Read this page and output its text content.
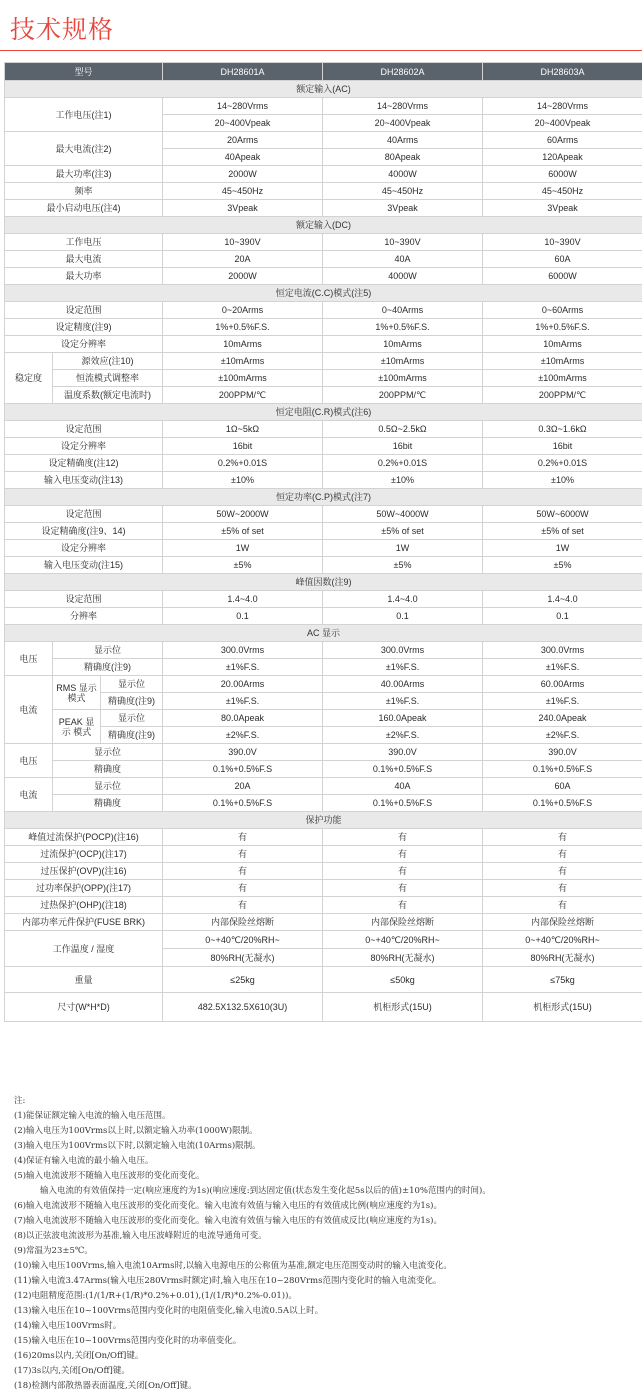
技术规格
型号			DH28601A	DH28602A	DH28603A
额定输入(AC)					
工作电压(注1)			14~280Vrms	14~280Vrms	14~280Vrms
			20~400Vpeak	20~400Vpeak	20~400Vpeak
最大电流(注2)			20Arms	40Arms	60Arms
			40Apeak	80Apeak	120Apeak
最大功率(注3)			2000W	4000W	6000W
频率			45~450Hz	45~450Hz	45~450Hz
最小启动电压(注4)			3Vpeak	3Vpeak	3Vpeak
额定输入(DC)					
工作电压			10~390V	10~390V	10~390V
最大电流			20A	40A	60A
最大功率			2000W	4000W	6000W
恒定电流(C.C)模式(注5)					
设定范围			0~20Arms	0~40Arms	0~60Arms
设定精度(注9)			1%+0.5%F.S.	1%+0.5%F.S.	1%+0.5%F.S.
设定分辨率			10mArms	10mArms	10mArms
稳定度	源效应(注10)		±10mArms	±10mArms	±10mArms
	恒流模式调整率		±100mArms	±100mArms	±100mArms
	温度系数(额定电流时)		200PPM/℃	200PPM/℃	200PPM/℃
恒定电阻(C.R)模式(注6)					
设定范围			1Ω~5kΩ	0.5Ω~2.5kΩ	0.3Ω~1.6kΩ
设定分辨率			16bit	16bit	16bit
设定精确度(注12)			0.2%+0.01S	0.2%+0.01S	0.2%+0.01S
输入电压变动(注13)			±10%	±10%	±10%
恒定功率(C.P)模式(注7)					
设定范围			50W~2000W	50W~4000W	50W~6000W
设定精确度(注9、14)			±5% of set	±5% of set	±5% of set
设定分辨率			1W	1W	1W
输入电压变动(注15)			±5%	±5%	±5%
峰值因数(注9)					
设定范围			1.4~4.0	1.4~4.0	1.4~4.0
分辨率			0.1	0.1	0.1
AC 显示					
电压	显示位		300.0Vrms	300.0Vrms	300.0Vrms
	精确度(注9)		±1%F.S.	±1%F.S.	±1%F.S.
电流	RMS 显示 模式	显示位	20.00Arms	40.00Arms	60.00Arms
		精确度(注9)	±1%F.S.	±1%F.S.	±1%F.S.
	PEAK 显示 模式	显示位	80.0Apeak	160.0Apeak	240.0Apeak
		精确度(注9)	±2%F.S.	±2%F.S.	±2%F.S.
电压	显示位		390.0V	390.0V	390.0V
	精确度		0.1%+0.5%F.S	0.1%+0.5%F.S	0.1%+0.5%F.S
电流	显示位		20A	40A	60A
	精确度		0.1%+0.5%F.S	0.1%+0.5%F.S	0.1%+0.5%F.S
保护功能					
峰值过流保护(POCP)(注16)			有	有	有
过流保护(OCP)(注17)			有	有	有
过压保护(OVP)(注16)			有	有	有
过功率保护(OPP)(注17)			有	有	有
过热保护(OHP)(注18)			有	有	有
内部功率元件保护(FUSE BRK)			内部保险丝熔断	内部保险丝熔断	内部保险丝熔断
工作温度 / 湿度			0~+40℃/20%RH~	0~+40℃/20%RH~	0~+40℃/20%RH~
			80%RH(无凝水)	80%RH(无凝水)	80%RH(无凝水)
重量			≤25kg	≤50kg	≤75kg
尺寸(W*H*D)			482.5X132.5X610(3U)	机柜形式(15U)	机柜形式(15U)
注:
(1)能保证额定输入电流的输入电压范围。
(2)输入电压为100Vrms以上时,以额定输入功率(1000W)限制。
(3)输入电压为100Vrms以下时,以额定输入电流(10Arms)限制。
(4)保证有输入电流的最小输入电压。
(5)输入电流波形不随输入电压波形的变化而变化。
输入电流的有效值保持一定(响应速度约为1s)(响应速度:到达固定值(状态发生变化起5s以后的值)±10%范围内的时间)。
(6)输入电流波形不随输入电压波形的变化而变化。输入电流有效值与输入电压的有效值成比例(响应速度约为1s)。
(7)输入电流波形不随输入电压波形的变化而变化。输入电流有效值与输入电压的有效值成反比(响应速度约为1s)。
(8)以正弦波电流波形为基准,输入电压波峰附近的电流导通角可变。
(9)常温为23±5℃。
(10)输入电压100Vrms,输入电流10Arms时,以输入电源电压的公称值为基准,额定电压范围变动时的输入电流变化。
(11)输入电流3.47Arms(输入电压280Vrms时额定)时,输入电压在10~280Vrms范围内变化时的输入电流变化。
(12)电阻精度范围:(1/(1/R+(1/R)*0.2%+0.01),(1/(1/R)*0.2%-0.01))。
(13)输入电压在10~100Vrms范围内变化时的电阻值变化,输入电流0.5A以上时。
(14)输入电压100Vrms时。
(15)输入电压在10~100Vrms范围内变化时的功率值变化。
(16)20ms以内,关闭[On/Off]键。
(17)3s以内,关闭[On/Off]键。
(18)检测内部散热器表面温度,关闭[On/Off]键。
